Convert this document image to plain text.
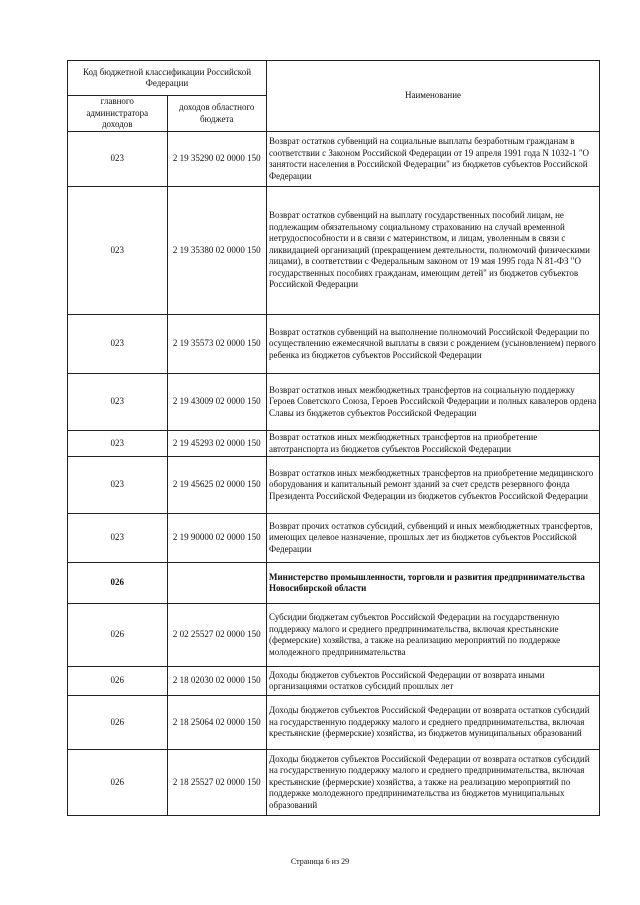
Код бюджетной классификации Российской Федерации		Наименование
главного администратора доходов	доходов областного бюджета	
023	2 19 35290 02 0000 150	Возврат остатков субвенций на социальные выплаты безработным гражданам в соответствии с Законом Российской Федерации от 19 апреля 1991 года N 1032-1 "О занятости населения в Российской Федерации" из бюджетов субъектов Российской Федерации
023	2 19 35380 02 0000 150	Возврат остатков субвенций на выплату государственных пособий лицам, не подлежащим обязательному социальному страхованию на случай временной нетрудоспособности и в связи с материнством, и лицам, уволенным в связи с ликвидацией организаций (прекращением деятельности, полномочий физическими лицами), в соответствии с Федеральным законом от 19 мая 1995 года N 81-ФЗ "О государственных пособиях гражданам, имеющим детей" из бюджетов субъектов Российской Федерации
023	2 19 35573 02 0000 150	Возврат остатков субвенций на выполнение полномочий Российской Федерации по осуществлению ежемесячной выплаты в связи с рождением (усыновлением) первого ребенка из бюджетов субъектов Российской Федерации
023	2 19 43009 02 0000 150	Возврат остатков иных межбюджетных трансфертов на социальную поддержку Героев Советского Союза, Героев Российской Федерации и полных кавалеров ордена Славы из бюджетов субъектов Российской Федерации
023	2 19 45293 02 0000 150	Возврат остатков иных межбюджетных трансфертов на приобретение автотранспорта из бюджетов субъектов Российской Федерации
023	2 19 45625 02 0000 150	Возврат остатков иных межбюджетных трансфертов на приобретение медицинского оборудования и капитальный ремонт зданий за счет средств резервного фонда Президента Российской Федерации из бюджетов субъектов Российской Федерации
023	2 19 90000 02 0000 150	Возврат прочих остатков субсидий, субвенций и иных межбюджетных трансфертов, имеющих целевое назначение, прошлых лет из бюджетов субъектов Российской Федерации
026		Министерство промышленности, торговли и развития предпринимательства Новосибирской области
026	2 02 25527 02 0000 150	Субсидии бюджетам субъектов Российской Федерации на государственную поддержку малого и среднего предпринимательства, включая крестьянские (фермерские) хозяйства, а также на реализацию мероприятий по поддержке молодежного предпринимательства
026	2 18 02030 02 0000 150	Доходы бюджетов субъектов Российской Федерации от возврата иными организациями остатков субсидий прошлых лет
026	2 18 25064 02 0000 150	Доходы бюджетов субъектов Российской Федерации от возврата остатков субсидий на государственную поддержку малого и среднего предпринимательства, включая крестьянские (фермерские) хозяйства, из бюджетов муниципальных образований
026	2 18 25527 02 0000 150	Доходы бюджетов субъектов Российской Федерации от возврата остатков субсидий на государственную поддержку малого и среднего предпринимательства, включая крестьянские (фермерские) хозяйства, а также на реализацию мероприятий по поддержке молодежного предпринимательства из бюджетов муниципальных образований
Страница 6 из 29
